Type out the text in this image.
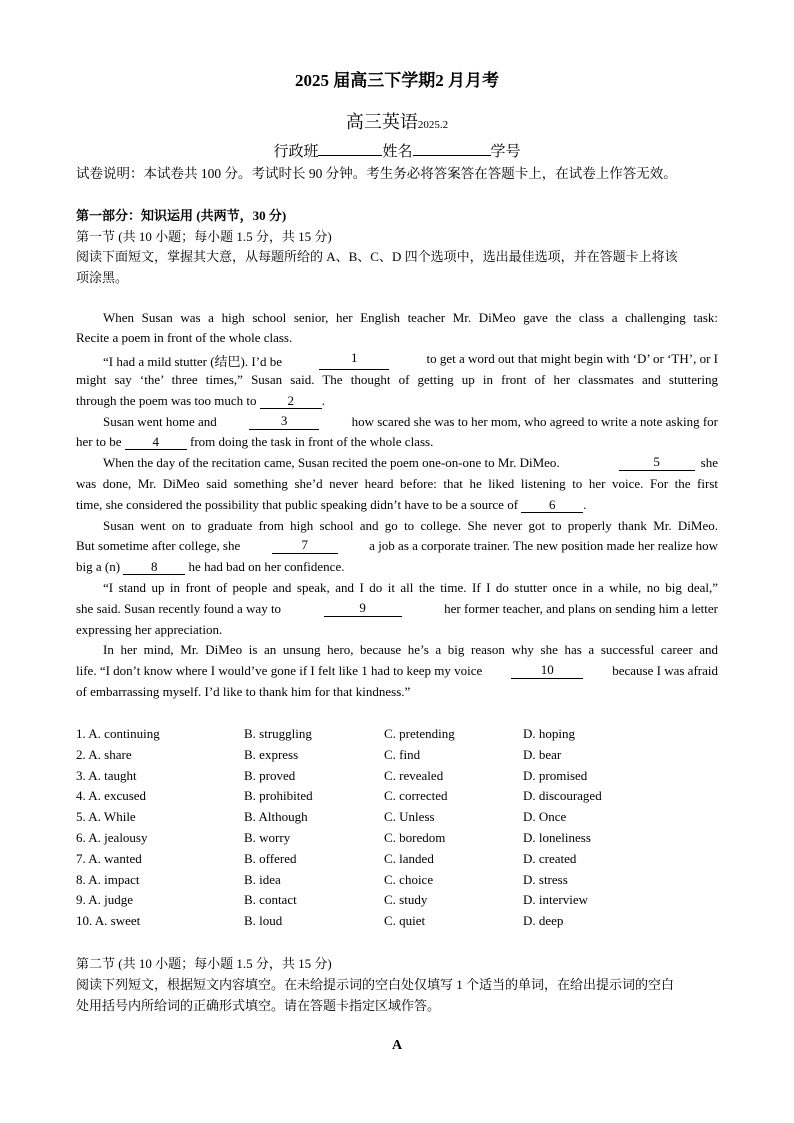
2025 届高三下学期2 月月考
高三英语2025.2
行政班	姓名	学号
试卷说明：本试卷共 100 分。考试时长 90 分钟。考生务必将答案答在答题卡上，在试卷上作答无效。
第一部分：知识运用 (共两节，30 分)
第一节 (共 10 小题；每小题 1.5 分，共 15 分)
阅读下面短文，掌握其大意，从每题所给的 A、B、C、D 四个选项中，选出最佳选项，并在答题卡上将该
项涂黑。
When Susan was a high school senior, her English teacher Mr. DiMeo gave the class a challenging task:
Recite a poem in front of the whole class.
“I had a mild stutter (结巴). I’d be	1	to get a word out that might begin with ‘D’ or ‘TH’, or I
might say ‘the’ three times,” Susan said. The thought of getting up in front of her classmates and stuttering
through the poem was too much to 2 .
Susan went home and	3	how scared she was to her mom, who agreed to write a note asking for
her to be 4 from doing the task in front of the whole class.
When the day of the recitation came, Susan recited the poem one-on-one to Mr. DiMeo.	5	she
was done, Mr. DiMeo said something she’d never heard before: that he liked listening to her voice. For the first
time, she considered the possibility that public speaking didn’t have to be a source of 6 .
Susan went on to graduate from high school and go to college. She never got to properly thank Mr. DiMeo.
But sometime after college, she	7	a job as a corporate trainer. The new position made her realize how
big a (n) 8 he had bad on her confidence.
“I stand up in front of people and speak, and I do it all the time. If I do stutter once in a while, no big deal,”
she said. Susan recently found a way to	9	her former teacher, and plans on sending him a letter
expressing her appreciation.
In her mind, Mr. DiMeo is an unsung hero, because he’s a big reason why she has a successful career and
life. “I don’t know where I would’ve gone if I felt like 1 had to keep my voice	10	because I was afraid
of embarrassing myself. I’d like to thank him for that kindness.”
1. A. continuing	B. struggling	C. pretending	D. hoping
2. A. share	B. express	C. find	D. bear
3. A. taught	B. proved	C. revealed	D. promised
4. A. excused	B. prohibited	C. corrected	D. discouraged
5. A. While	B. Although	C. Unless	D. Once
6. A. jealousy	B. worry	C. boredom	D. loneliness
7. A. wanted	B. offered	C. landed	D. created
8. A. impact	B. idea	C. choice	D. stress
9. A. judge	B. contact	C. study	D. interview
10. A. sweet	B. loud	C. quiet	D. deep
第二节 (共 10 小题；每小题 1.5 分，共 15 分)
阅读下列短文，根据短文内容填空。在未给提示词的空白处仅填写 1 个适当的单词，在给出提示词的空白
处用括号内所给词的正确形式填空。请在答题卡指定区域作答。
A
